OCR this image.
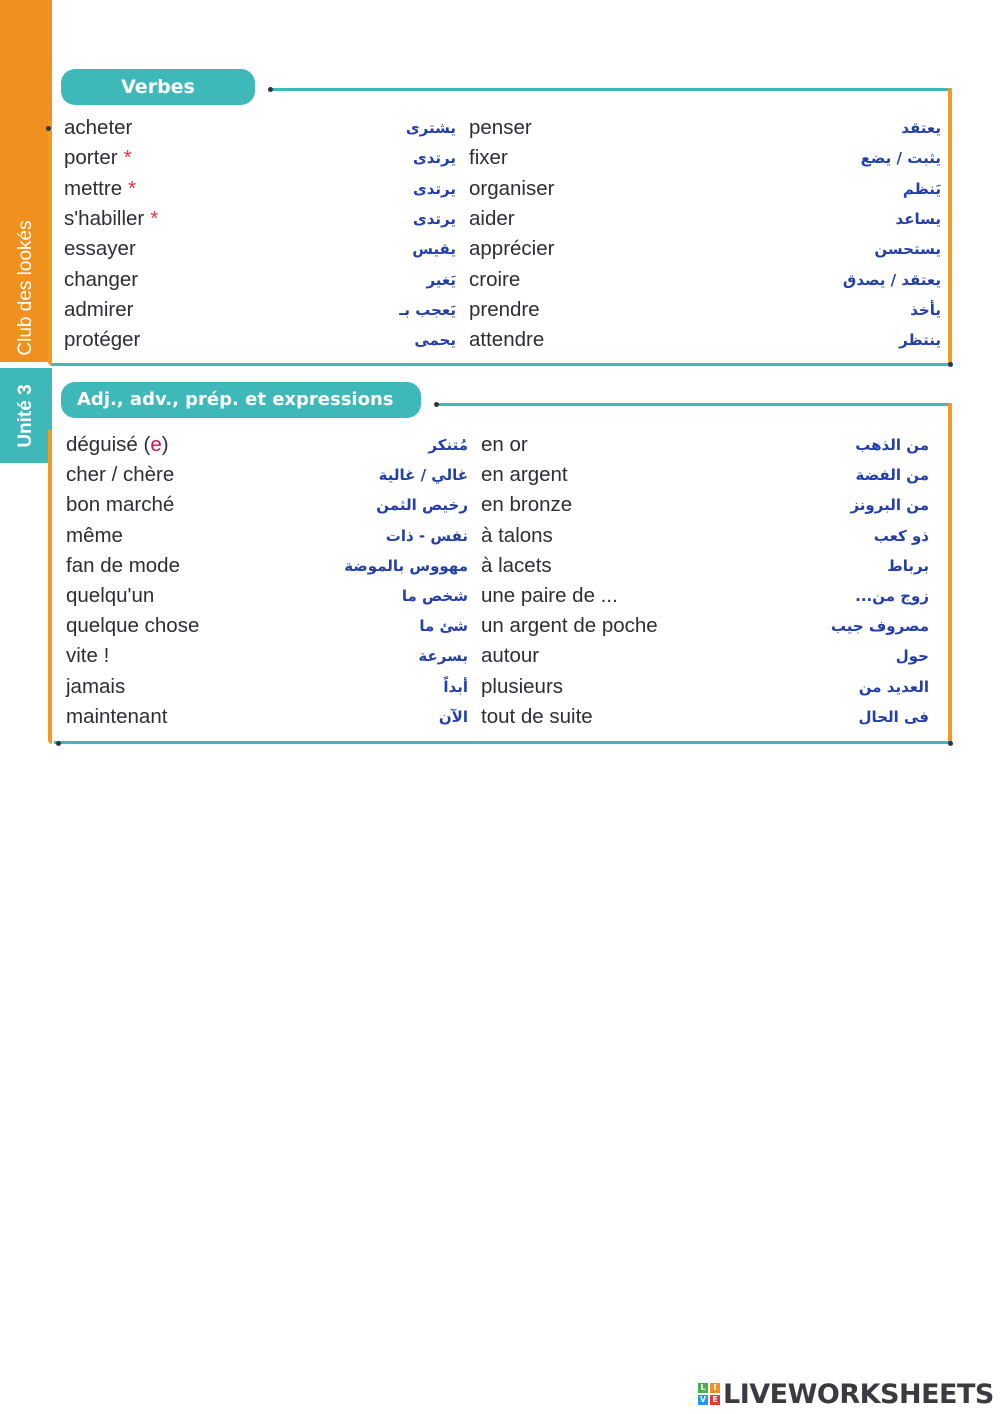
Club des lookés
Unité 3
Verbes
acheter	يشترى
porter *	يرتدى
mettre *	يرتدى
s'habiller *	يرتدى
essayer	يقيس
changer	يَغير
admirer	يَعجب بـ
protéger	يحمى
penser	يعتقد
fixer	يثبت / يضع
organiser	يَنظم
aider	يساعد
apprécier	يستحسن
croire	يعتقد / يصدق
prendre	يأخذ
attendre	ينتظر
Adj., adv., prép. et expressions
déguisé (e)	مُتنكر
cher / chère	غالي / غالية
bon marché	رخيص الثمن
même	نفس - ذات
fan de mode	مهووس بالموضة
quelqu'un	شخص ما
quelque chose	شئ ما
vite !	بسرعة
jamais	أبداً
maintenant	الآن
en or	من الذهب
en argent	من الفضة
en bronze	من البرونز
à talons	ذو كعب
à lacets	برباط
une paire de ...	زوج من...
un argent de poche	مصروف جيب
autour	حول
plusieurs	العديد من
tout de suite	فى الحال
L I
V E LIVEWORKSHEETS
